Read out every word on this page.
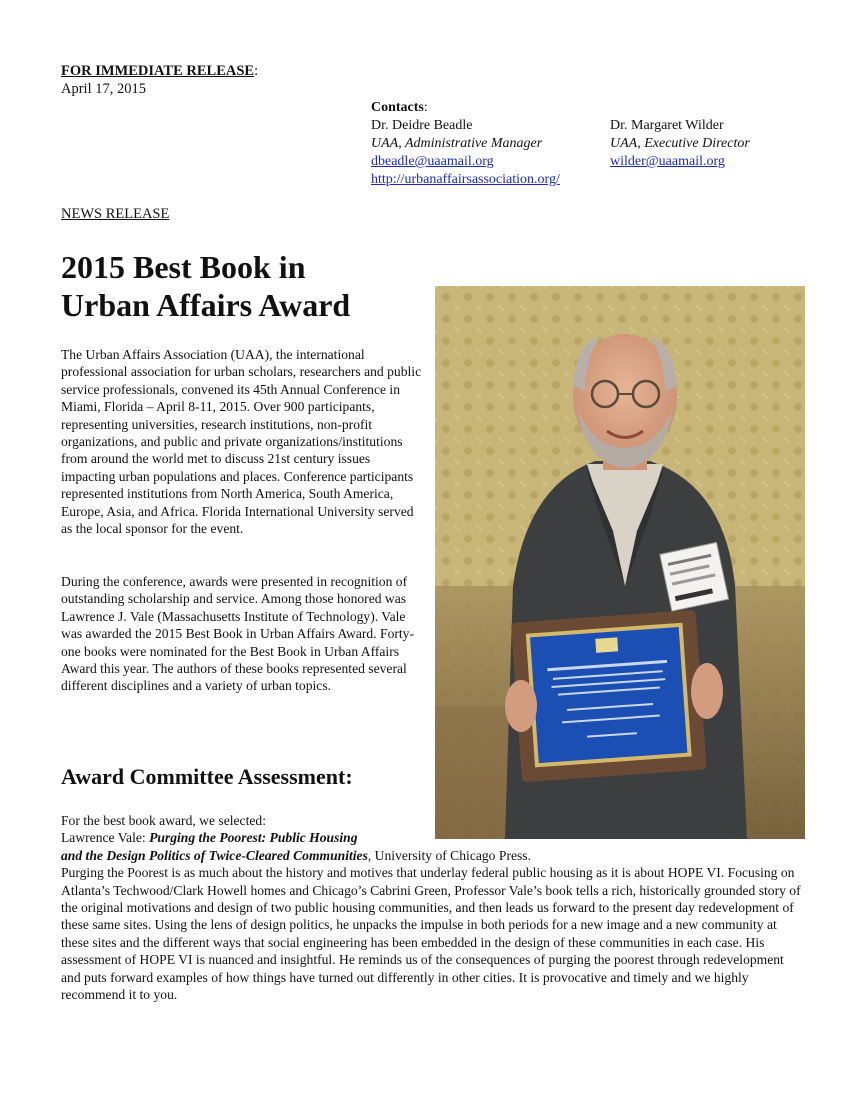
FOR IMMEDIATE RELEASE:
April 17, 2015
Contacts:
Dr. Deidre Beadle
UAA, Administrative Manager
dbeadle@uaamail.org
http://urbanaffairsassociation.org/
Dr. Margaret Wilder
UAA, Executive Director
wilder@uaamail.org
NEWS RELEASE
2015 Best Book in
Urban Affairs Award

The Urban Affairs Association (UAA), the international professional association for urban scholars, researchers and public service professionals, convened its 45th Annual Conference in Miami, Florida – April 8-11, 2015. Over 900 participants, representing universities, research institutions, non-profit organizations, and public and private organizations/institutions from around the world met to discuss 21st century issues impacting urban populations and places. Conference participants represented institutions from North America, South America, Europe, Asia, and Africa. Florida International University served as the local sponsor for the event.

During the conference, awards were presented in recognition of outstanding scholarship and service. Among those honored was Lawrence J. Vale (Massachusetts Institute of Technology). Vale was awarded the 2015 Best Book in Urban Affairs Award. Forty-one books were nominated for the Best Book in Urban Affairs Award this year. The authors of these books represented several different disciplines and a variety of urban topics.

Award Committee Assessment:
For the best book award, we selected:
Lawrence Vale: Purging the Poorest: Public Housing
and the Design Politics of Twice-Cleared Communities, University of Chicago Press.
Purging the Poorest is as much about the history and motives that underlay federal public housing as it is about HOPE VI. Focusing on Atlanta’s Techwood/Clark Howell homes and Chicago’s Cabrini Green, Professor Vale’s book tells a rich, historically grounded story of the original motivations and design of two public housing communities, and then leads us forward to the present day redevelopment of these same sites. Using the lens of design politics, he unpacks the impulse in both periods for a new image and a new community at these sites and the different ways that social engineering has been embedded in the design of these communities in each case. His assessment of HOPE VI is nuanced and insightful. He reminds us of the consequences of purging the poorest through redevelopment and puts forward examples of how things have turned out differently in other cities. It is provocative and timely and we highly recommend it to you.
